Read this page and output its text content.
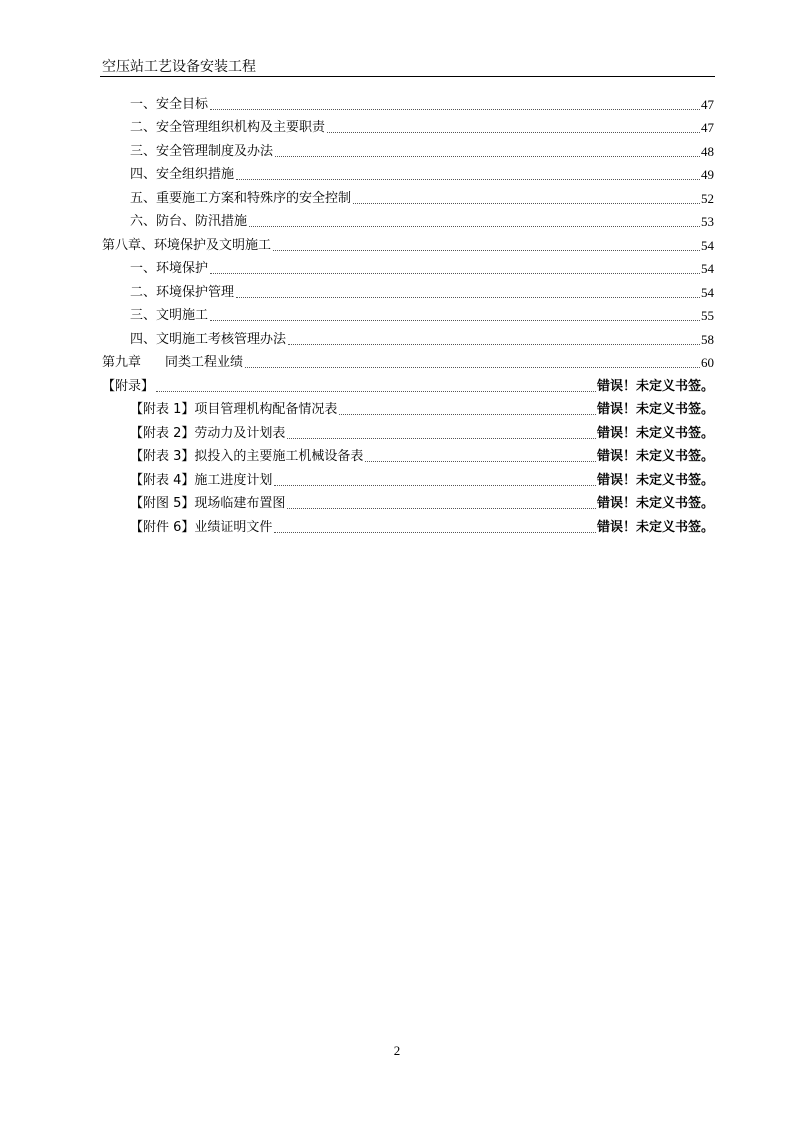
空压站工艺设备安装工程
一、安全目标	47
二、安全管理组织机构及主要职责	47
三、安全管理制度及办法	48
四、安全组织措施	49
五、重要施工方案和特殊序的安全控制	52
六、防台、防汛措施	53
第八章、环境保护及文明施工	54
一、环境保护	54
二、环境保护管理	54
三、文明施工	55
四、文明施工考核管理办法	58
第九章 同类工程业绩	60
【附录】	错误！未定义书签。
【附表 1】项目管理机构配备情况表	错误！未定义书签。
【附表 2】劳动力及计划表	错误！未定义书签。
【附表 3】拟投入的主要施工机械设备表	错误！未定义书签。
【附表 4】施工进度计划	错误！未定义书签。
【附图 5】现场临建布置图	错误！未定义书签。
【附件 6】业绩证明文件	错误！未定义书签。
2
